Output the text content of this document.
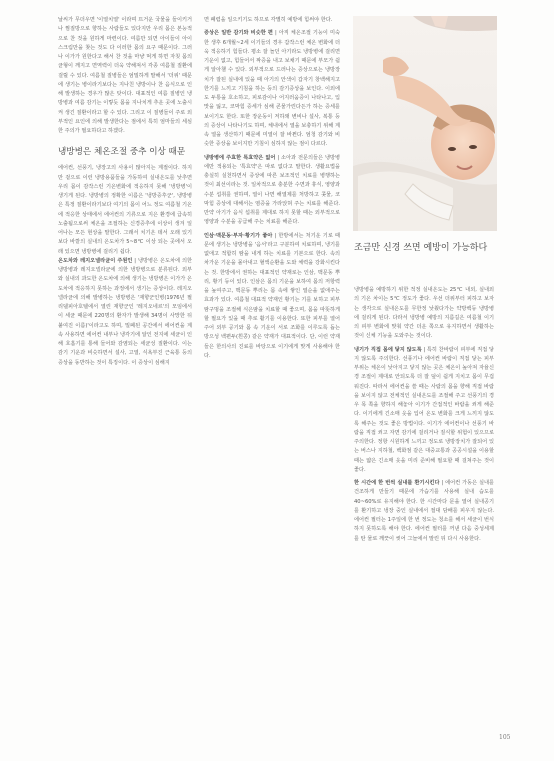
날씨가 무더우면 '이열치열' 이라며 뜨거운 국물을 들이키거나 찜질방으로 향하는 사람들도 있다지만 우리 몸은 본능적으로 찬 것을 원하게 마련이다. 여름만 되면 아이들이 아이스크림만을 찾는 것도 다 이러한 몸의 요구 때문이다. 그러나 이가가 원한다고 해서 찬 것을 마냥 먹게 하면 자칫 몸의 균형이 깨지고 면역력이 더욱 약해져서 각종 여름철 질환에 걸릴 수 있다. 여름철 질병들은 엄밀하게 말해서 '더위' 때문에 생기는 병이라기보다는 지나친 냉방이나 찬 음식으로 인해 발생하는 경우가 많은 탓이다. 대표적인 여름 질병인 냉방병과 여름 감기는 이렇듯 몸을 지나치게 추운 곳에 노출시켜 생긴 질환이라고 할 수 있다. 그리고 이 질병들이 주로 외부적인 요인에 의해 발생한다는 점에서 특히 엄마들의 세심한 주의가 필요하다고 하겠다.

냉방병은 체온조절 중추 이상 때문

에어컨, 선풍기, 냉장고의 사용이 많아지는 계절이다. 하지만 겉으로 이런 냉방용품들을 가동하여 실내온도를 낮추면 우리 몸이 감작스런 기온변화에 적응하지 못해 '냉방병'이 생기게 된다. 냉방병의 정확한 이름은 '냉방증후군', 냉방병은 특정 질환이라기보다 여기의 몸이 어느 정도 여름철 기온에 적응한 상태에서 에어컨의 기류으로 지은 환경에 급속히 노출됨으로써 체온을 조절하는 신경증추에 이상이 생겨 일어나는 모든 현상을 말한다. 그래서 치기온 데서 오래 있기보다 바깥의 실내의 온도차가 5~8℃ 이상 되는 곳에서 오래 있으면 냉방병에 걸리기 쉽다.

온도차와 레지오넬라균이 주원인 | 냉방병은 온도차에 의한 냉방병과 레지오넬라균에 의한 냉방병으로 분류된다. 외부와 실내의 과도한 온도차에 의해 생기는 냉방병은 이가가 온도차에 적응하지 못하는 과정에서 생기는 증상이다. 레지오넬라균에 의해 발병하는 냉방병은 '재향군인병(1976년 필리델피아호텔에서 열린 재향군인 '레지오네르'의 모임에서 이 세균 때문에 220명의 환자가 발생해 34명이 사망한 뒤 붙여진 이름)'이라고도 하며, 밀폐된 공간에서 에어컨을 계속 사용하면 에어컨 내부나 냉각기에 알인 전지에 세균이 인해 호흡기를 통해 들어와 감염되는 세균성 질환이다. 이는 감기 기운과 비슷하면서 설사, 고열, 식욕부진 근육통 등의 증상을 동반하는 것이 특징이다. 이 증상이 심해지

면 폐렴을 일으키기도 하므로 각별히 예방에 힘써야 한다.

증상은 일반 감기와 비슷한 편 | 아직 체온조절 기능이 미숙한 생후 6개월~2세 이기들의 경우 갑작스런 체온 변화에 더욱 적응하기 힘들다. 평소 잘 놀던 아기라도 냉방병에 걸리면 기운이 없고, 힘들어서 짜증을 내고 보채기 때문에 부모가 쉽게 알아챌 수 있다. 외부적으로 드러나는 증상으로는 냉방장치가 잘된 실내에 있을 때 아기의 안색이 갑자기 창백해지고 한기를 느끼고 기침을 하는 등의 감기증상을 보인다. 이외에도 두통을 호소하고, 피로감이나 어지러움증이 나타나고, 입맛을 잃고, 코막힘 증세가 심해 콘물가린다든가 하는 증세를 보이기도 한다. 또한 장운동이 저하돼 변비나 설사, 복통 등의 증상이 나타나기도 하며, 체내에서 열을 보충하기 위해 계속 열을 생산하기 때문에 미열이 잘 바뀐다. 엄청 감기와 비슷한 증상을 보이지만 기침이 심하지 않는 점이 다르다.

냉방병에 주효한 특효약은 없어 | 소아과 전문의들은 냉방병에만 적용되는 '특효약'은 따로 없다고 말한다. 생활요법을 충실히 실천하면서 증상에 따른 보조적인 치료를 병행하는 것이 최선이라는 것. 일차적으로 충분한 수면과 휴식, 영양과 수분 섭취를 권하며, 열이 나면 해열제를 처방하고 콧물, 코막힘 증상에 대해서는 염증을 가라앉혀 주는 치료를 해준다. 만약 아기가 음식 섭취를 제대로 하지 못할 때는 외부적으로 영양과 수분을 공급해 주는 치료를 해준다.

인삼·맥문동·부자·황기가 좋아 | 한방에서는 처기운 기로 때문에 생기는 냉방병을 '음서'라고 구분하여 치료하며, 냉기를 없애고 적합히 땀을 내게 하는 치료를 기본으로 한다. 속의 차가운 기운을 몰아내고 혈액순환을 도와 체력을 강화시킨다는 것. 한방에서 권하는 대표적인 약재로는 인삼, 맥문동 뿌리, 황기 등이 있다. 인삼은 몸의 기운을 보하여 몸의 저항력을 높여주고, 맥문동 뿌리는 몸 속에 쌓인 열순을 없애주는 효과가 있다. 여름철 대표적 약재인 황기는 기를 보하고 피부 땀구멍을 조절해 식은땀을 치료할 때 좋으며, 몸을 따뜻하게 할 필요가 있을 때 추로 활기를 이용한다. 또한 피부를 열어주어 외부 공기와 몸 속 기운이 서로 조화를 이루도록 돕는 방으성 백편두(흰콩) 같은 약재가 대표적이다. 단, 이런 약재들은 한의사의 진료를 바탕으로 이기에게 맞게 사용해야 한다.

조금만 신경 쓰면 예방이 가능하다

냉방병을 예방하기 위한 적정 실내온도는 25℃ 내외, 실내외의 기온 차이는 5℃ 정도가 좋다. 우선 더위부터 피하고 보자는 생각으로 실내온도를 무한정 낮췄다가는 약방백등 냉방병에 걸리게 된다. 다라서 냉방병 예방의 지름길은 여름철 이기의 피부 변화에 맞춰 약간 더운 쪽으로 유지하면서 생활하는 것이 신체 기능을 도와주는 것이다.

냉기가 직접 몸에 닿지 않도록 | 특히 찬바람이 피부에 직접 닿지 않도록 주의한다. 선풍기나 에어컨 바람이 직접 닿는 피부 부위는 체온이 낮아지고 닿지 않는 곳은 체온이 높아져 자율신경 조절이 제대로 안되도록 더 잘 덮이 쉽게 지치고 몸이 무겁워진다. 따라서 에어컨을 쓸 때는 사람의 몸을 향해 직접 바람을 보이지 않고 전체적인 실내온도를 조절해 주고 선풍기의 경우 목 쪽을 향하지 해놓아 이기가 간접적인 바람을 쐬게 해준다. 이기에게 긴소매 옷을 입어 온도 변화를 크게 느끼지 않도록 해주는 것도 좋은 방법이다. 이기가 에어컨이나 선풍기 바람을 직접 쐬고 자면 감기에 걸리거나 질식할 위험이 있으므로 주의한다. 정항 시원하게 느끼고 정도로 냉방장치가 잘되어 있는 버스나 지하철, 백화점 같은 대중교통과 공공시설을 이용할 때는 얇은 긴소매 옷을 미리 준비해 필요할 때 걸쳐주는 것이 좋다.

한 시간에 한 번씩 실내를 환기시킨다 | 에어컨 가동은 실내를 건조하게 만들기 때문에 가습기를 사용해 실내 습도를 40~60%로 유지해야 한다. 한 시간마다 문을 열어 실내공기를 환기하고 냉장 중인 실내에서 절대 담배를 피우지 않는다. 에어컨 필터는 1주일에 한 번 정도는 청소를 해서 세균이 번식하지 못하도록 해야 한다. 에어컨 필터를 꺼낸 다음 중성세제를 탄 물로 깨끗이 씻어 그늘에서 말린 뒤 다시 사용한다.

105
